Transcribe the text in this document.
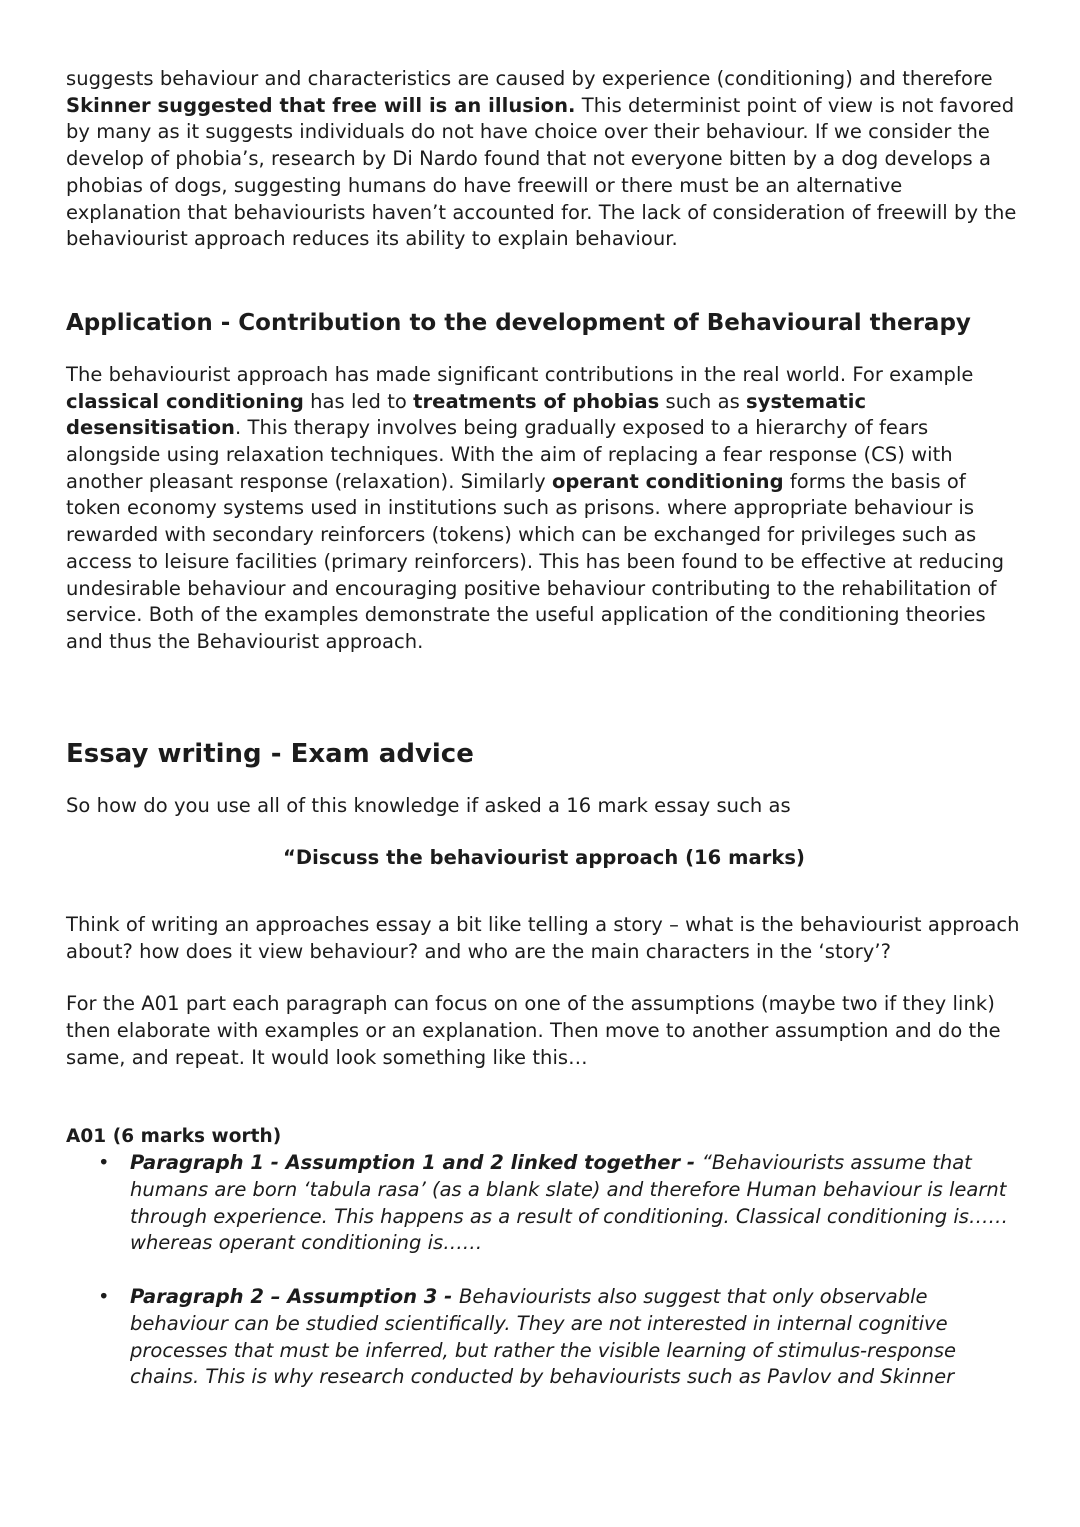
suggests behaviour and characteristics are caused by experience (conditioning) and therefore Skinner suggested that free will is an illusion. This determinist point of view is not favored by many as it suggests individuals do not have choice over their behaviour. If we consider the develop of phobia’s, research by Di Nardo found that not everyone bitten by a dog develops a phobias of dogs, suggesting humans do have freewill or there must be an alternative explanation that behaviourists haven’t accounted for. The lack of consideration of freewill by the behaviourist approach reduces its ability to explain behaviour.

Application - Contribution to the development of Behavioural therapy

The behaviourist approach has made significant contributions in the real world. For example classical conditioning has led to treatments of phobias such as systematic desensitisation. This therapy involves being gradually exposed to a hierarchy of fears alongside using relaxation techniques. With the aim of replacing a fear response (CS) with another pleasant response (relaxation). Similarly operant conditioning forms the basis of token economy systems used in institutions such as prisons. where appropriate behaviour is rewarded with secondary reinforcers (tokens) which can be exchanged for privileges such as access to leisure facilities (primary reinforcers). This has been found to be effective at reducing undesirable behaviour and encouraging positive behaviour contributing to the rehabilitation of service. Both of the examples demonstrate the useful application of the conditioning theories and thus the Behaviourist approach.

Essay writing - Exam advice

So how do you use all of this knowledge if asked a 16 mark essay such as

“Discuss the behaviourist approach (16 marks)

Think of writing an approaches essay a bit like telling a story – what is the behaviourist approach about? how does it view behaviour? and who are the main characters in the ‘story’?

For the A01 part each paragraph can focus on one of the assumptions (maybe two if they link) then elaborate with examples or an explanation. Then move to another assumption and do the same, and repeat. It would look something like this…

A01 (6 marks worth)

• Paragraph 1 - Assumption 1 and 2 linked together - “Behaviourists assume that humans are born ‘tabula rasa’ (as a blank slate) and therefore Human behaviour is learnt through experience. This happens as a result of conditioning. Classical conditioning is…… whereas operant conditioning is……
• Paragraph 2 – Assumption 3 - Behaviourists also suggest that only observable behaviour can be studied scientifically. They are not interested in internal cognitive processes that must be inferred, but rather the visible learning of stimulus-response chains. This is why research conducted by behaviourists such as Pavlov and Skinner
